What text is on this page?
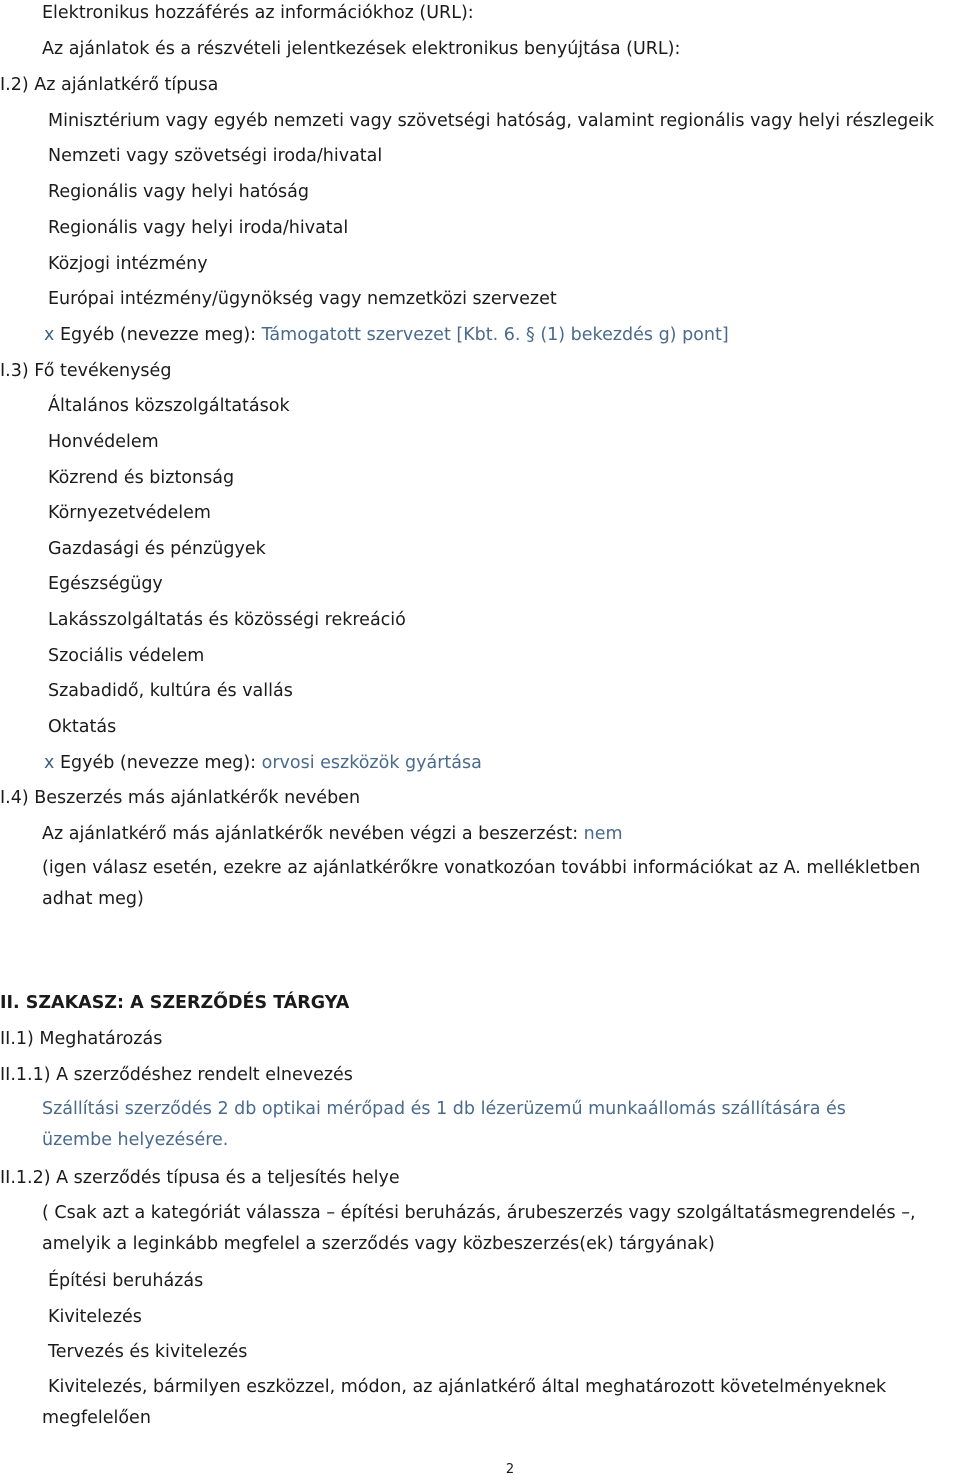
Elektronikus hozzáférés az információkhoz (URL):
Az ajánlatok és a részvételi jelentkezések elektronikus benyújtása (URL):
I.2) Az ajánlatkérő típusa
Minisztérium vagy egyéb nemzeti vagy szövetségi hatóság, valamint regionális vagy helyi részlegeik
Nemzeti vagy szövetségi iroda/hivatal
Regionális vagy helyi hatóság
Regionális vagy helyi iroda/hivatal
Közjogi intézmény
Európai intézmény/ügynökség vagy nemzetközi szervezet
x Egyéb (nevezze meg): Támogatott szervezet [Kbt. 6. § (1) bekezdés g) pont]
I.3) Fő tevékenység
Általános közszolgáltatások
Honvédelem
Közrend és biztonság
Környezetvédelem
Gazdasági és pénzügyek
Egészségügy
Lakásszolgáltatás és közösségi rekreáció
Szociális védelem
Szabadidő, kultúra és vallás
Oktatás
x Egyéb (nevezze meg): orvosi eszközök gyártása
I.4) Beszerzés más ajánlatkérők nevében
Az ajánlatkérő más ajánlatkérők nevében végzi a beszerzést: nem
(igen válasz esetén, ezekre az ajánlatkérőkre vonatkozóan további információkat az A. mellékletben adhat meg)
II. SZAKASZ: A SZERZŐDÉS TÁRGYA
II.1) Meghatározás
II.1.1) A szerződéshez rendelt elnevezés
Szállítási szerződés 2 db optikai mérőpad és 1 db lézerüzemű munkaállomás szállítására és üzembe helyezésére.
II.1.2) A szerződés típusa és a teljesítés helye
( Csak azt a kategóriát válassza – építési beruházás, árubeszerzés vagy szolgáltatásmegrendelés –, amelyik a leginkább megfelel a szerződés vagy közbeszerzés(ek) tárgyának)
Építési beruházás
Kivitelezés
Tervezés és kivitelezés
Kivitelezés, bármilyen eszközzel, módon, az ajánlatkérő által meghatározott követelményeknek megfelelően
2
